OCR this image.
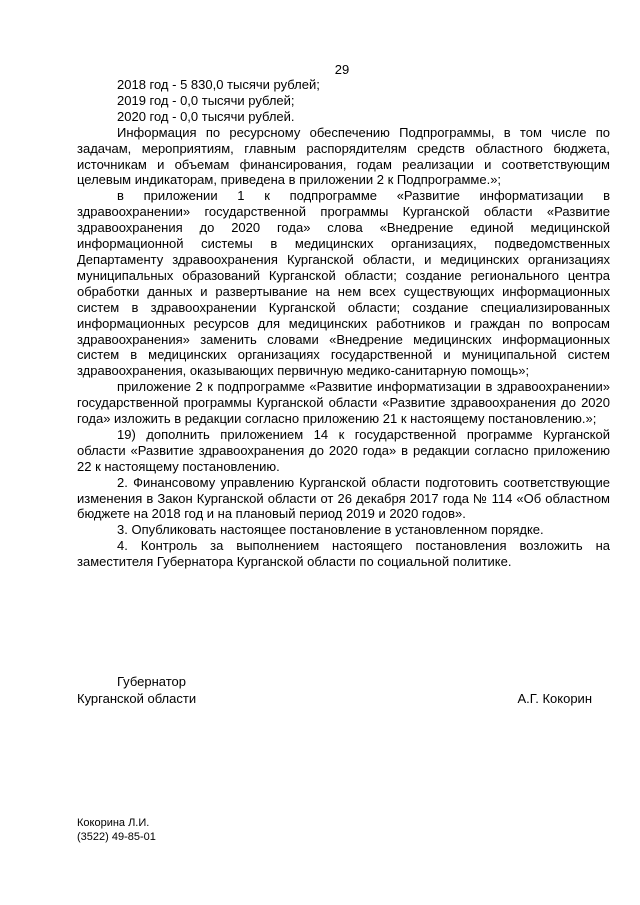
29
2018 год - 5 830,0 тысячи рублей;
2019 год - 0,0 тысячи рублей;
2020 год - 0,0 тысячи рублей.

Информация по ресурсному обеспечению Подпрограммы, в том числе по задачам, мероприятиям, главным распорядителям средств областного бюджета, источникам и объемам финансирования, годам реализации и соответствующим целевым индикаторам, приведена в приложении 2 к Подпрограмме.»;

в приложении 1 к подпрограмме «Развитие информатизации в здравоохранении» государственной программы Курганской области «Развитие здравоохранения до 2020 года» слова «Внедрение единой медицинской информационной системы в медицинских организациях, подведомственных Департаменту здравоохранения Курганской области, и медицинских организациях муниципальных образований Курганской области; создание регионального центра обработки данных и развертывание на нем всех существующих информационных систем в здравоохранении Курганской области; создание специализированных информационных ресурсов для медицинских работников и граждан по вопросам здравоохранения» заменить словами «Внедрение медицинских информационных систем в медицинских организациях государственной и муниципальной систем здравоохранения, оказывающих первичную медико-санитарную помощь»;

приложение 2 к подпрограмме «Развитие информатизации в здравоохранении» государственной программы Курганской области «Развитие здравоохранения до 2020 года» изложить в редакции согласно приложению 21 к настоящему постановлению.»;

19) дополнить приложением 14 к государственной программе Курганской области «Развитие здравоохранения до 2020 года» в редакции согласно приложению 22 к настоящему постановлению.

2. Финансовому управлению Курганской области подготовить соответствующие изменения в Закон Курганской области от 26 декабря 2017 года № 114 «Об областном бюджете на 2018 год и на плановый период 2019 и 2020 годов».

3. Опубликовать настоящее постановление в установленном порядке.

4. Контроль за выполнением настоящего постановления возложить на заместителя Губернатора Курганской области по социальной политике.

Губернатор
Курганской области	А.Г. Кокорин
Кокорина Л.И.
(3522) 49-85-01
